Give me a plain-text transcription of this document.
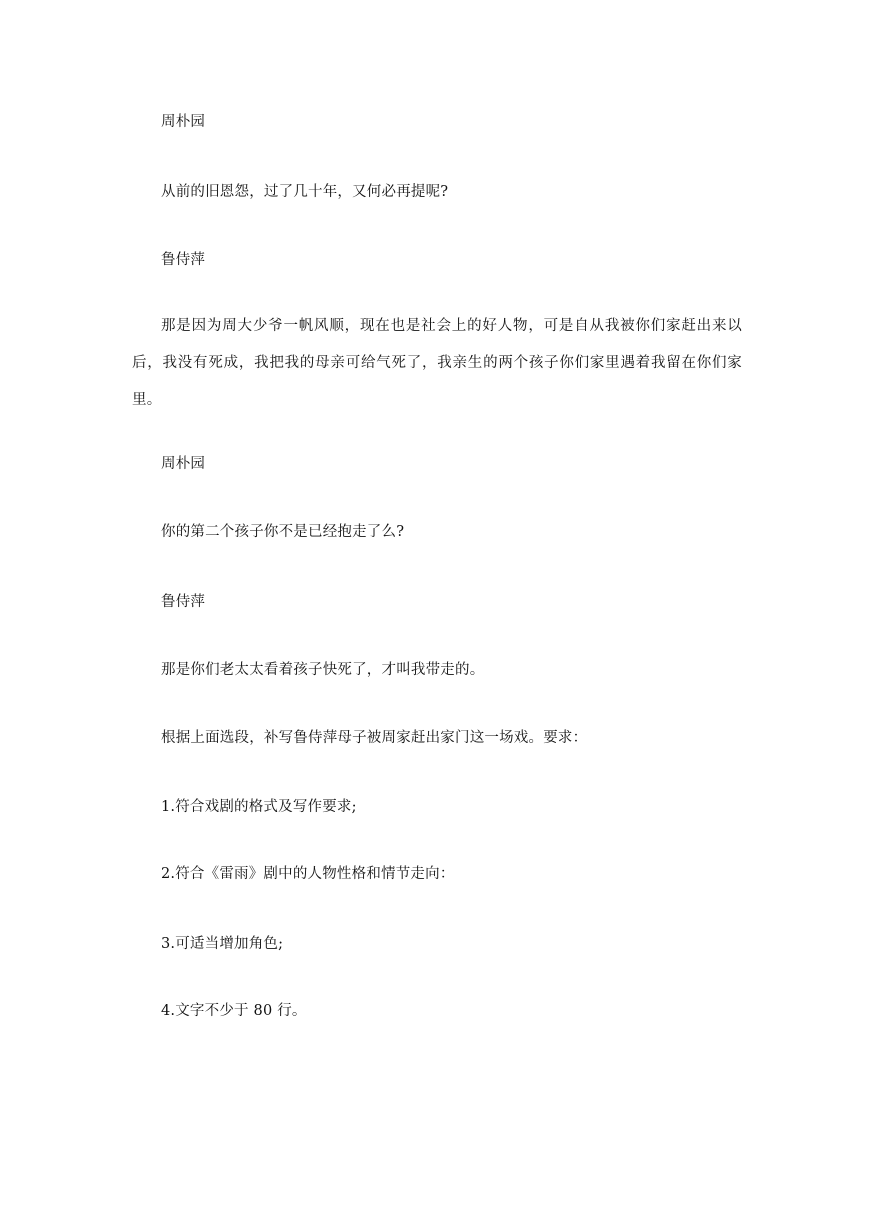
周朴园
从前的旧恩怨，过了几十年，又何必再提呢?
鲁侍萍
那是因为周大少爷一帆风顺，现在也是社会上的好人物，可是自从我被你们家赶出来以后，我没有死成，我把我的母亲可给气死了，我亲生的两个孩子你们家里遇着我留在你们家里。
周朴园
你的第二个孩子你不是已经抱走了么?
鲁侍萍
那是你们老太太看着孩子快死了，才叫我带走的。
根据上面选段，补写鲁侍萍母子被周家赶出家门这一场戏。要求：
1.符合戏剧的格式及写作要求;
2.符合《雷雨》剧中的人物性格和情节走向：
3.可适当增加角色;
4.文字不少于 80 行。
